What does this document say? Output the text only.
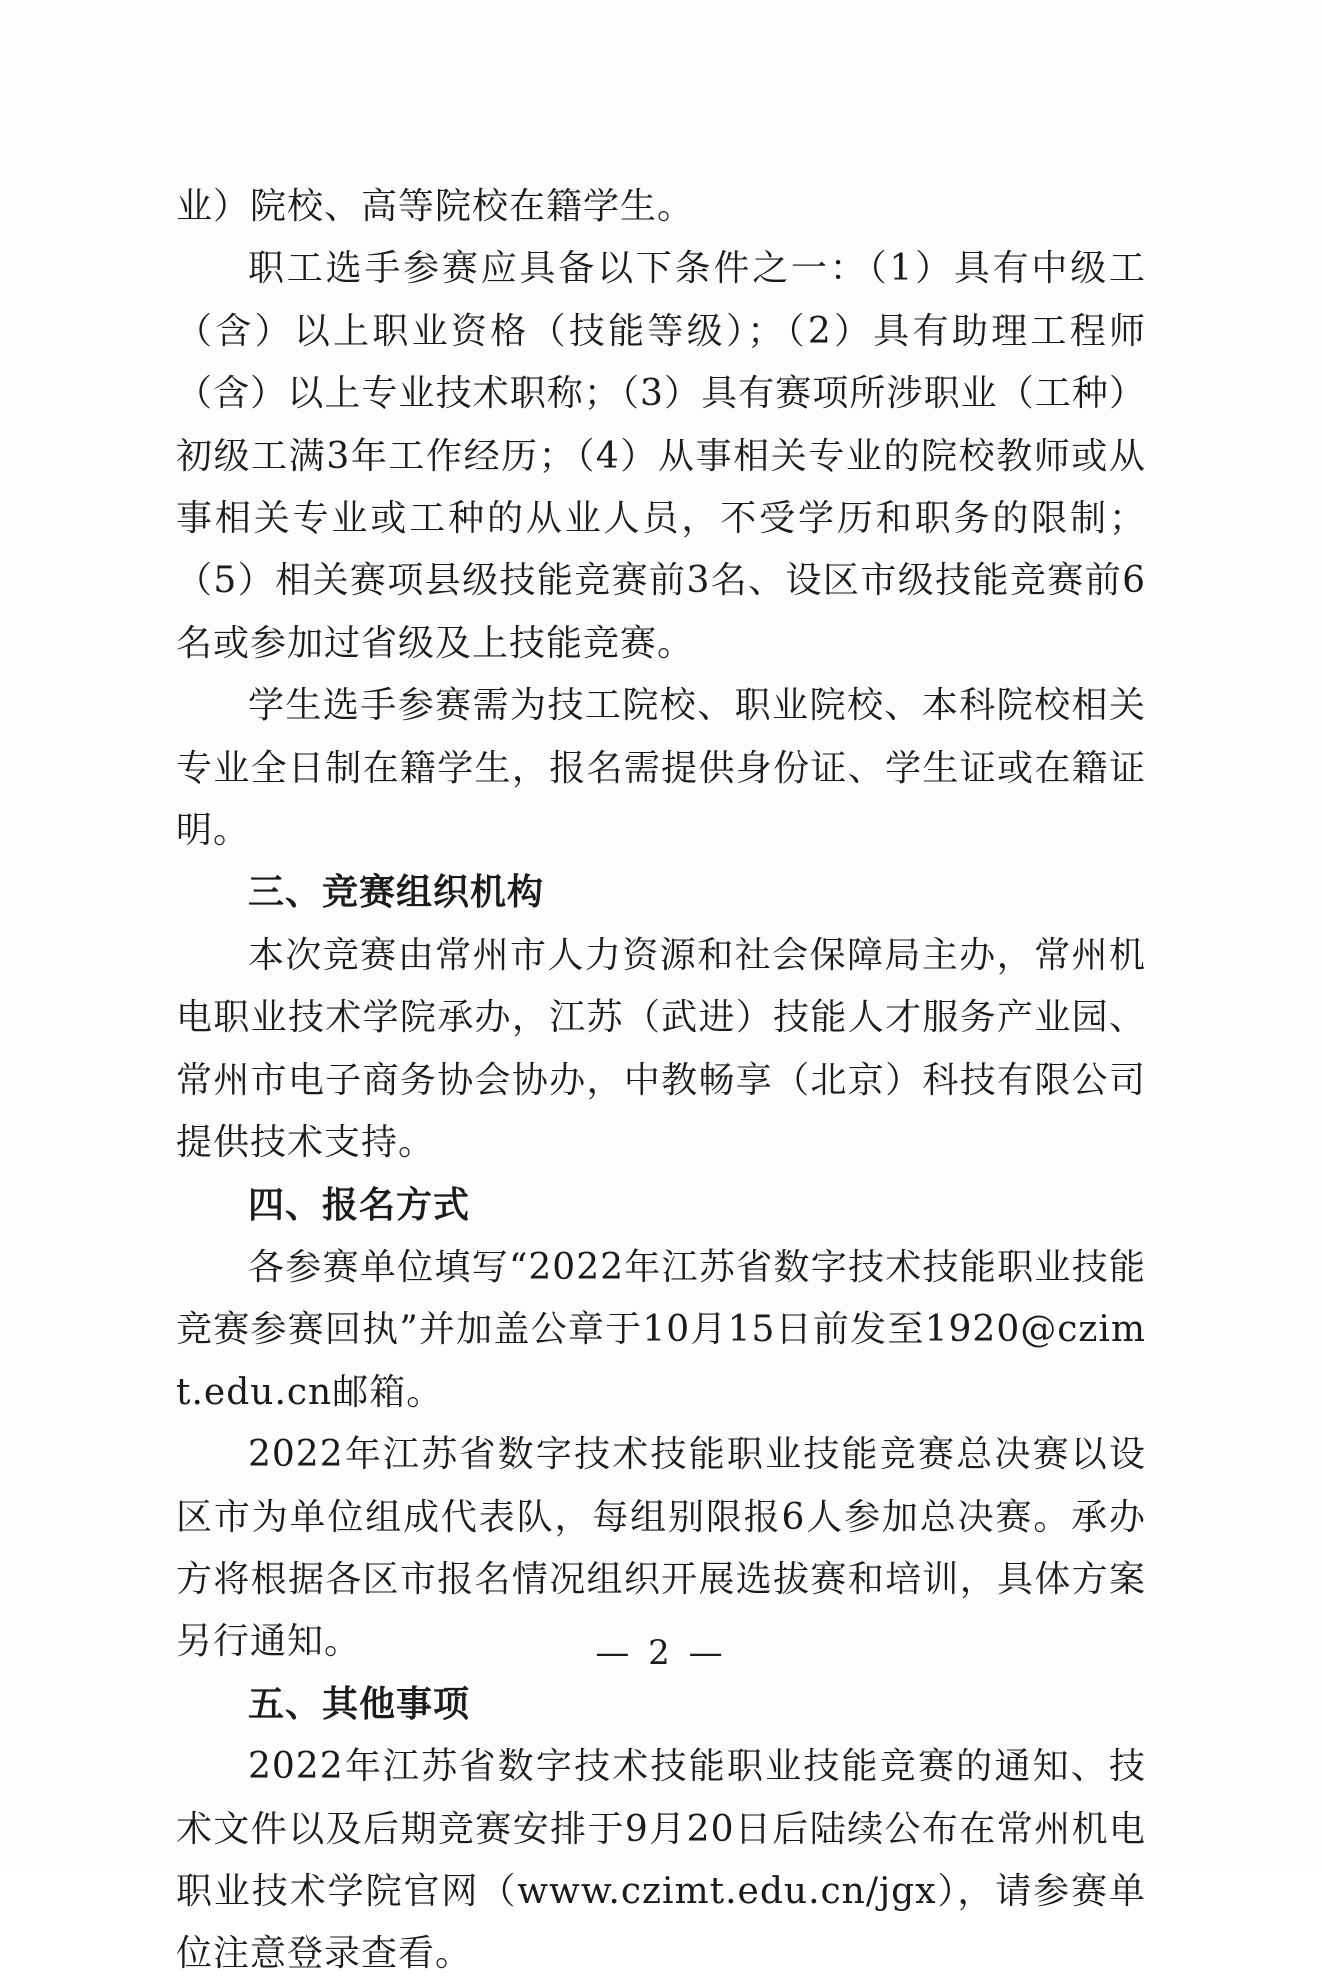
业）院校、高等院校在籍学生。

职工选手参赛应具备以下条件之一：（1）具有中级工（含）以上职业资格（技能等级）；（2）具有助理工程师（含）以上专业技术职称；（3）具有赛项所涉职业（工种）初级工满3年工作经历；（4）从事相关专业的院校教师或从事相关专业或工种的从业人员，不受学历和职务的限制；（5）相关赛项县级技能竞赛前3名、设区市级技能竞赛前6名或参加过省级及上技能竞赛。

学生选手参赛需为技工院校、职业院校、本科院校相关专业全日制在籍学生，报名需提供身份证、学生证或在籍证明。

三、竞赛组织机构

本次竞赛由常州市人力资源和社会保障局主办，常州机电职业技术学院承办，江苏（武进）技能人才服务产业园、常州市电子商务协会协办，中教畅享（北京）科技有限公司提供技术支持。

四、报名方式

各参赛单位填写“2022年江苏省数字技术技能职业技能竞赛参赛回执”并加盖公章于10月15日前发至1920@czimt.edu.cn邮箱。

2022年江苏省数字技术技能职业技能竞赛总决赛以设区市为单位组成代表队，每组别限报6人参加总决赛。承办方将根据各区市报名情况组织开展选拔赛和培训，具体方案另行通知。

五、其他事项

2022年江苏省数字技术技能职业技能竞赛的通知、技术文件以及后期竞赛安排于9月20日后陆续公布在常州机电职业技术学院官网（www.czimt.edu.cn/jgx），请参赛单位注意登录查看。

— 2 —
